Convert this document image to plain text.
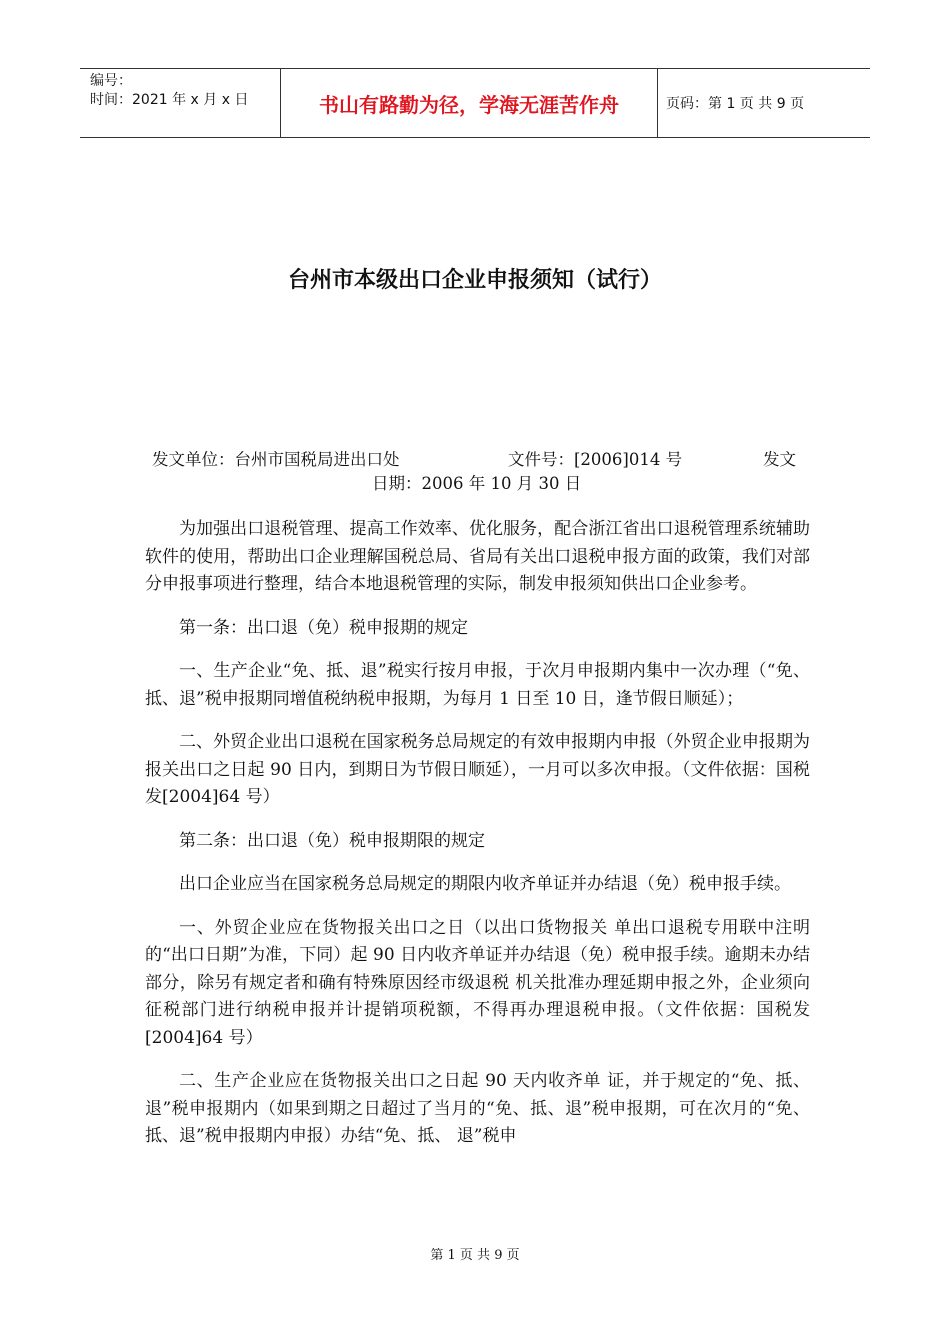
编号：
时间：2021 年 x 月 x 日	书山有路勤为径，学海无涯苦作舟	页码：第 1 页 共 9 页
台州市本级出口企业申报须知（试行）
发文单位：台州市国税局进出口处	文件号：[2006]014 号	发文
日期：2006 年 10 月 30 日

为加强出口退税管理、提高工作效率、优化服务，配合浙江省出口退税管理系统辅助软件的使用，帮助出口企业理解国税总局、省局有关出口退税申报方面的政策，我们对部分申报事项进行整理，结合本地退税管理的实际，制发申报须知供出口企业参考。

第一条：出口退（免）税申报期的规定

一、生产企业“免、抵、退”税实行按月申报，于次月申报期内集中一次办理（“免、抵、退”税申报期同增值税纳税申报期，为每月 1 日至 10 日，逢节假日顺延）；

二、外贸企业出口退税在国家税务总局规定的有效申报期内申报（外贸企业申报期为报关出口之日起 90 日内，到期日为节假日顺延），一月可以多次申报。（文件依据：国税发[2004]64 号）

第二条：出口退（免）税申报期限的规定

出口企业应当在国家税务总局规定的期限内收齐单证并办结退（免）税申报手续。

一、外贸企业应在货物报关出口之日（以出口货物报关 单出口退税专用联中注明的“出口日期”为准，下同）起 90 日内收齐单证并办结退（免）税申报手续。逾期未办结部分，除另有规定者和确有特殊原因经市级退税 机关批准办理延期申报之外，企业须向征税部门进行纳税申报并计提销项税额，不得再办理退税申报。（文件依据：国税发[2004]64 号）

二、生产企业应在货物报关出口之日起 90 天内收齐单 证，并于规定的“免、抵、退”税申报期内（如果到期之日超过了当月的“免、抵、退”税申报期，可在次月的“免、抵、退”税申报期内申报）办结“免、抵、 退”税申

第 1 页 共 9 页
